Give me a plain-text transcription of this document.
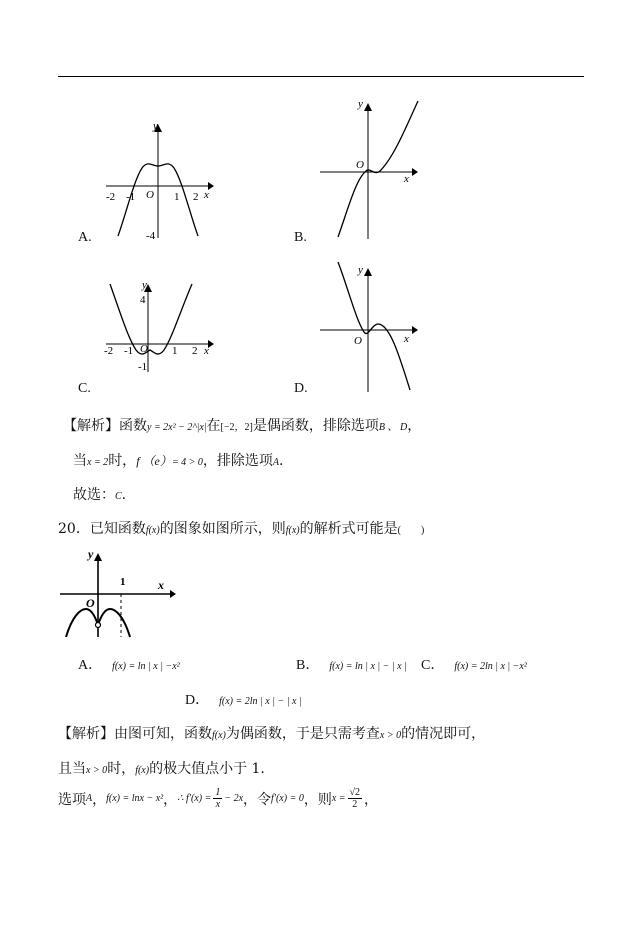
y
x
O
-2 -1	1 2
-4
A.
y
x
O
B.
y
x
O
4
-2 -1	1 2
-1
C.
y
x
O
D.
【解析】函数y = 2x² − 2^|x|在[−2，2]是偶函数，排除选项B 、 D，
当x = 2时，f （e）= 4 > 0，排除选项A.
故选：C.
20．已知函数f(x)的图象如图所示，则f(x)的解析式可能是(　　)
y
x
O
1
A． f(x) = ln | x | −x²	B． f(x) = ln | x | − | x | C． f(x) = 2ln | x | −x²
D． f(x) = 2ln | x | − | x |
【解析】由图可知，函数f(x)为偶函数，于是只需考查x > 0的情况即可，
且当x > 0时，f(x)的极大值点小于 1.
选项 A ， f(x) = lnx − x² ， ∴ $f'(x) = \frac{1}{x} - 2x$ ，令 f′(x) = 0 ，则 $x = \frac{√2}{2}$ ，
